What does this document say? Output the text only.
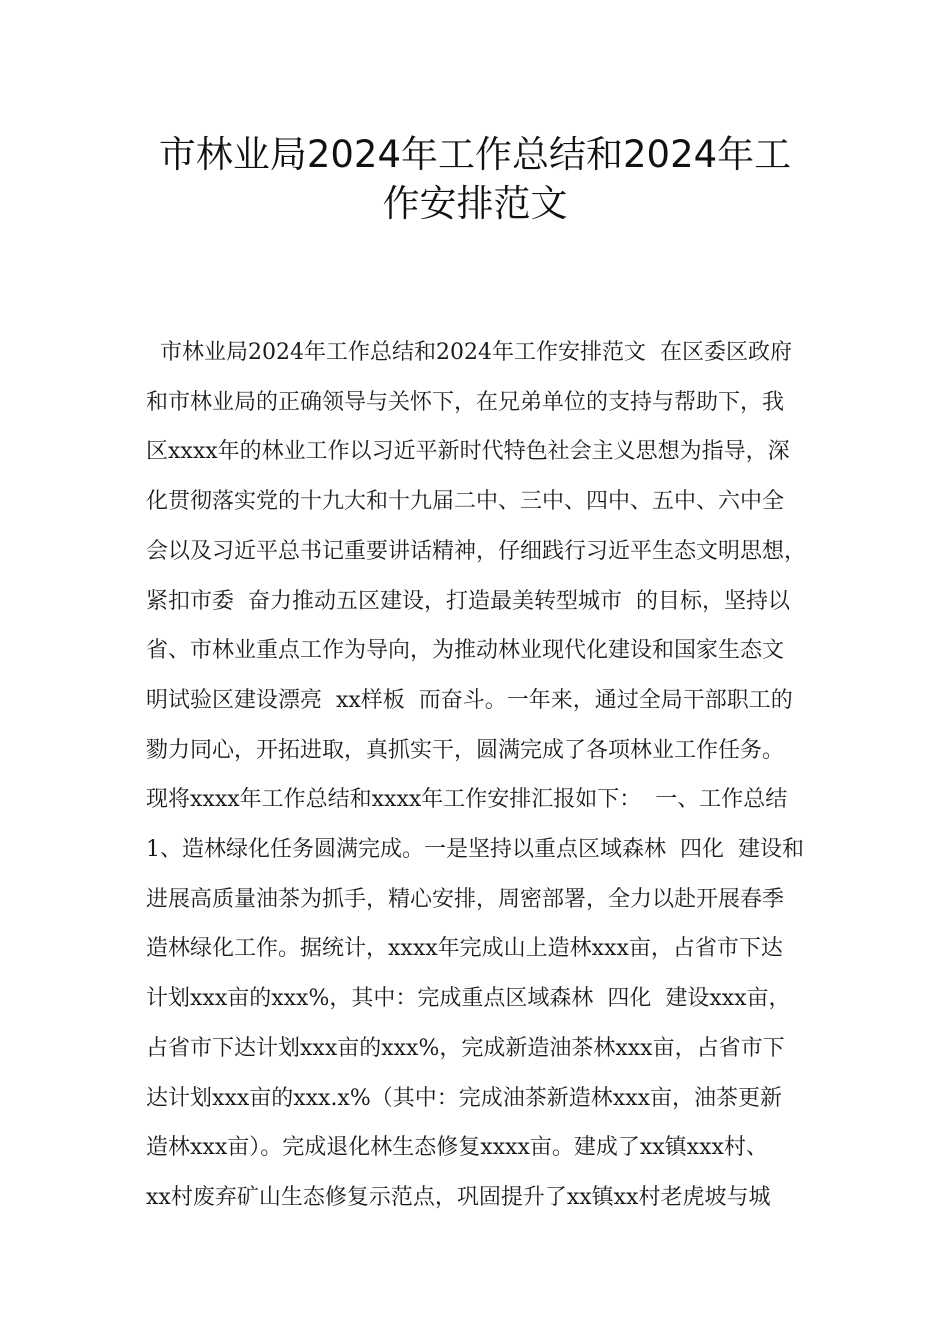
市林业局2024年工作总结和2024年工
作安排范文
市林业局2024年工作总结和2024年工作安排范文  在区委区政府
和市林业局的正确领导与关怀下，在兄弟单位的支持与帮助下，我
区xxxx年的林业工作以习近平新时代特色社会主义思想为指导，深
化贯彻落实党的十九大和十九届二中、三中、四中、五中、六中全
会以及习近平总书记重要讲话精神，仔细践行习近平生态文明思想，
紧扣市委  奋力推动五区建设，打造最美转型城市  的目标，坚持以
省、市林业重点工作为导向，为推动林业现代化建设和国家生态文
明试验区建设漂亮  xx样板  而奋斗。一年来，通过全局干部职工的
勠力同心，开拓进取，真抓实干，圆满完成了各项林业工作任务。
现将xxxx年工作总结和xxxx年工作安排汇报如下：  一、工作总结
1、造林绿化任务圆满完成。一是坚持以重点区域森林  四化  建设和
进展高质量油茶为抓手，精心安排，周密部署，全力以赴开展春季
造林绿化工作。据统计，xxxx年完成山上造林xxx亩，占省市下达
计划xxx亩的xxx%，其中：完成重点区域森林  四化  建设xxx亩，
占省市下达计划xxx亩的xxx%，完成新造油茶林xxx亩，占省市下
达计划xxx亩的xxx.x%（其中：完成油茶新造林xxx亩，油茶更新
造林xxx亩）。完成退化林生态修复xxxx亩。建成了xx镇xxx村、
xx村废弃矿山生态修复示范点，巩固提升了xx镇xx村老虎坡与城
